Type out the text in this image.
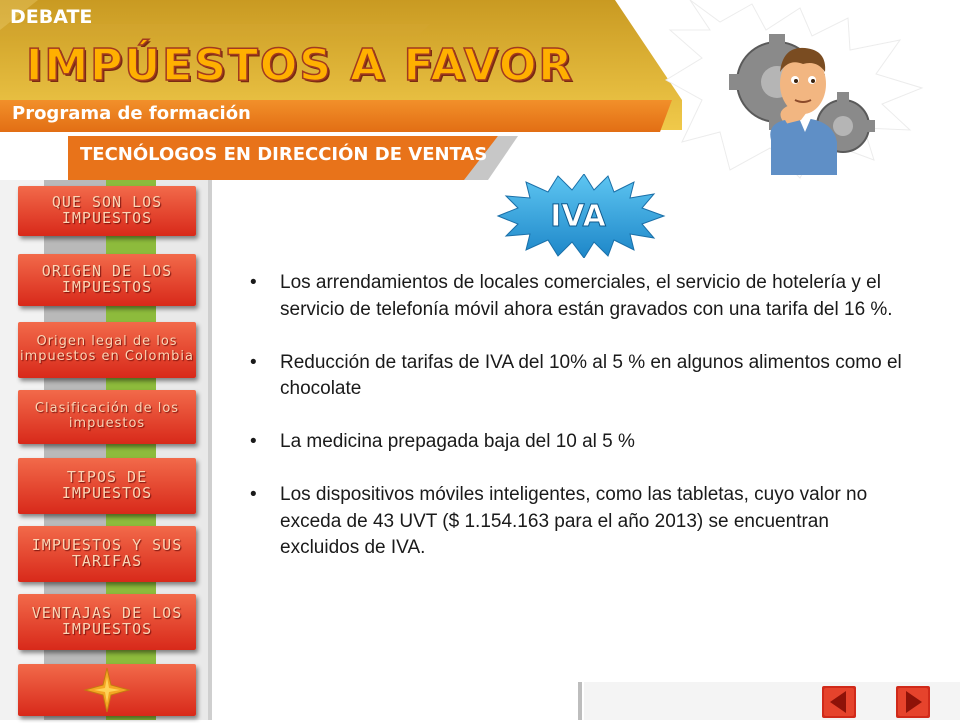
DEBATE
IMPÚESTOS A FAVOR
Programa de formación
TECNÓLOGOS EN DIRECCIÓN DE VENTAS
QUE SON LOS IMPUESTOS
ORIGEN DE LOS IMPUESTOS
Origen legal de los impuestos en Colombia
Clasificación de los impuestos
TIPOS DE IMPUESTOS
IMPUESTOS Y SUS TARIFAS
VENTAJAS DE LOS IMPUESTOS
IVA
• Los arrendamientos de locales comerciales, el servicio de hotelería y el servicio de telefonía móvil ahora están gravados con una tarifa del 16 %.
• Reducción de tarifas de IVA del 10% al 5 % en algunos alimentos como el chocolate
• La medicina prepagada baja del 10 al 5 %
• Los dispositivos móviles inteligentes, como las tabletas, cuyo valor no exceda de 43 UVT ($ 1.154.163 para el año 2013) se encuentran excluidos de IVA.
